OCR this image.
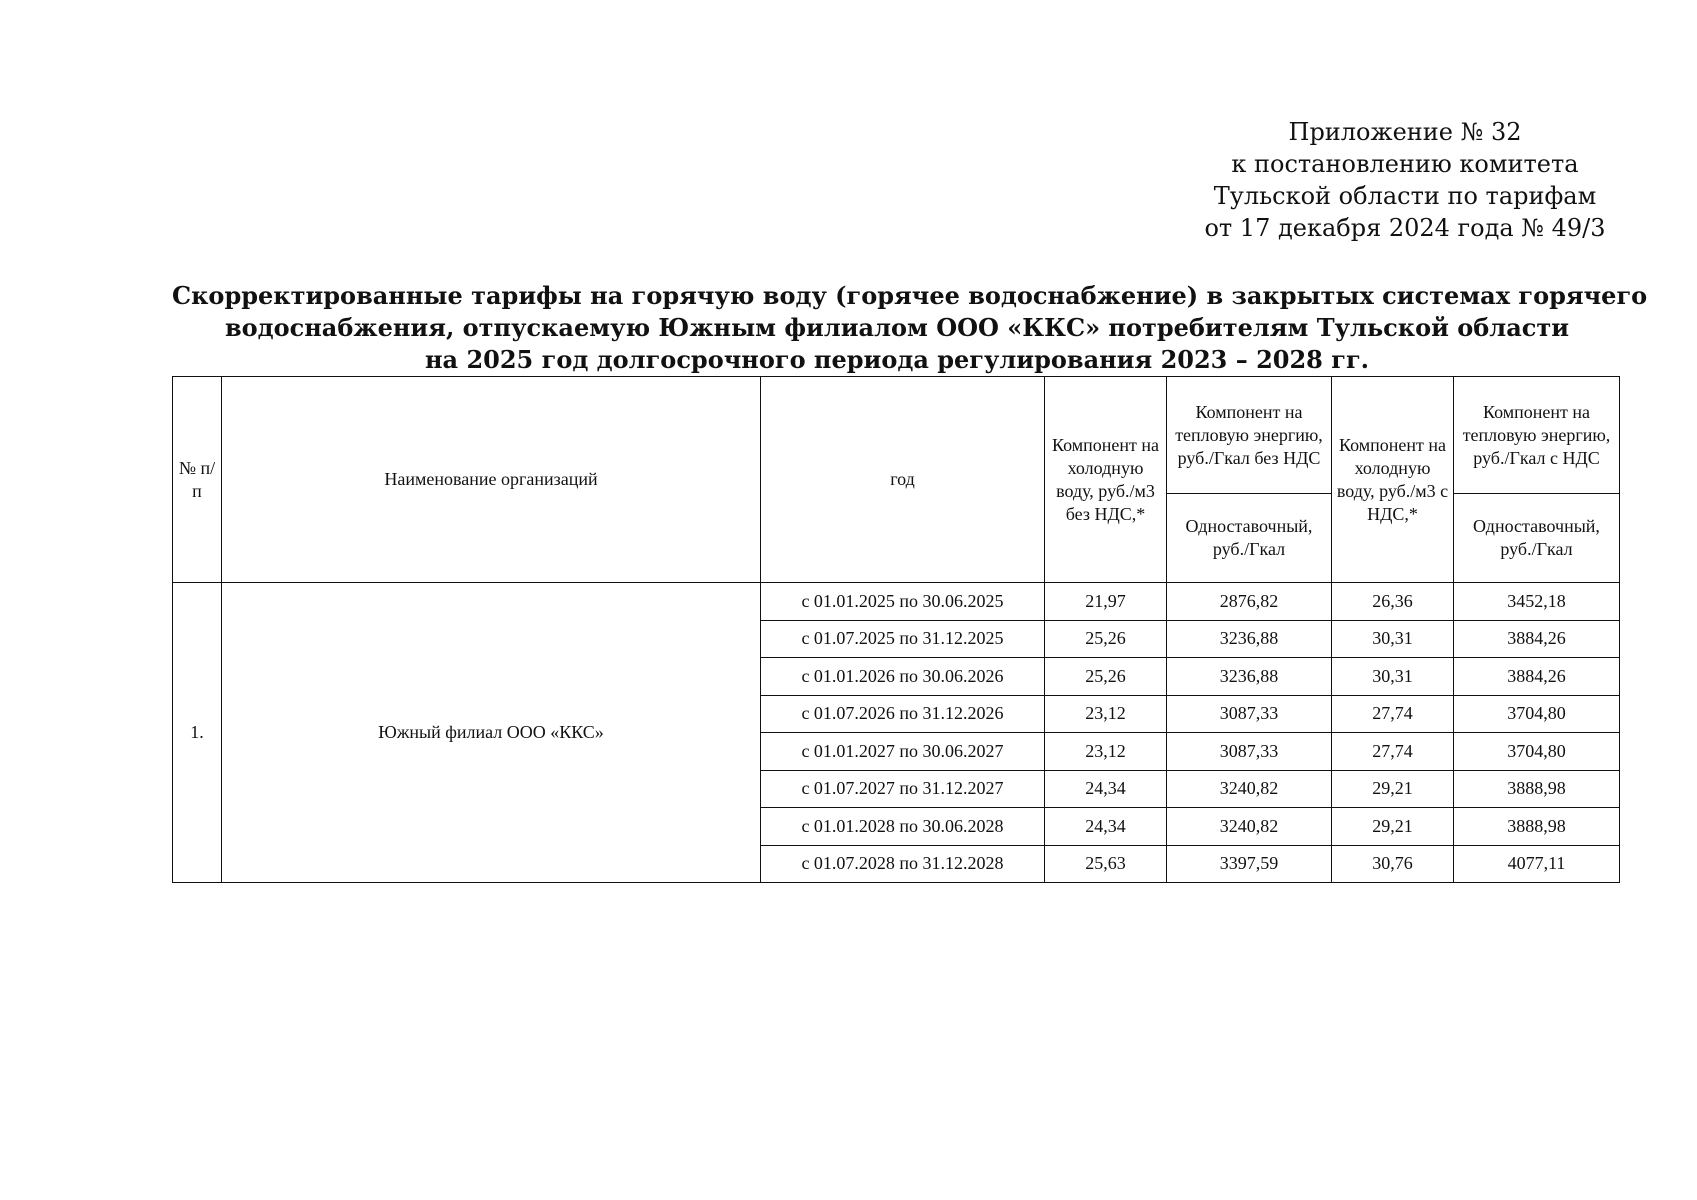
Приложение № 32
к постановлению комитета
Тульской области по тарифам
от 17 декабря 2024 года № 49/3
Скорректированные тарифы на горячую воду (горячее водоснабжение) в закрытых системах горячего
водоснабжения, отпускаемую Южным филиалом ООО «ККС» потребителям Тульской области
на 2025 год долгосрочного периода регулирования 2023 – 2028 гг.
№ п/п	Наименование организаций	год	Компонент на холодную воду, руб./м3 без НДС,*	Компонент на тепловую энергию, руб./Гкал без НДС	Компонент на холодную воду, руб./м3 с НДС,*	Компонент на тепловую энергию, руб./Гкал с НДС
				Одноставочный, руб./Гкал		Одноставочный, руб./Гкал
1.	Южный филиал ООО «ККС»	с 01.01.2025 по 30.06.2025	21,97	2876,82	26,36	3452,18
		с 01.07.2025 по 31.12.2025	25,26	3236,88	30,31	3884,26
		с 01.01.2026 по 30.06.2026	25,26	3236,88	30,31	3884,26
		с 01.07.2026 по 31.12.2026	23,12	3087,33	27,74	3704,80
		с 01.01.2027 по 30.06.2027	23,12	3087,33	27,74	3704,80
		с 01.07.2027 по 31.12.2027	24,34	3240,82	29,21	3888,98
		с 01.01.2028 по 30.06.2028	24,34	3240,82	29,21	3888,98
		с 01.07.2028 по 31.12.2028	25,63	3397,59	30,76	4077,11
